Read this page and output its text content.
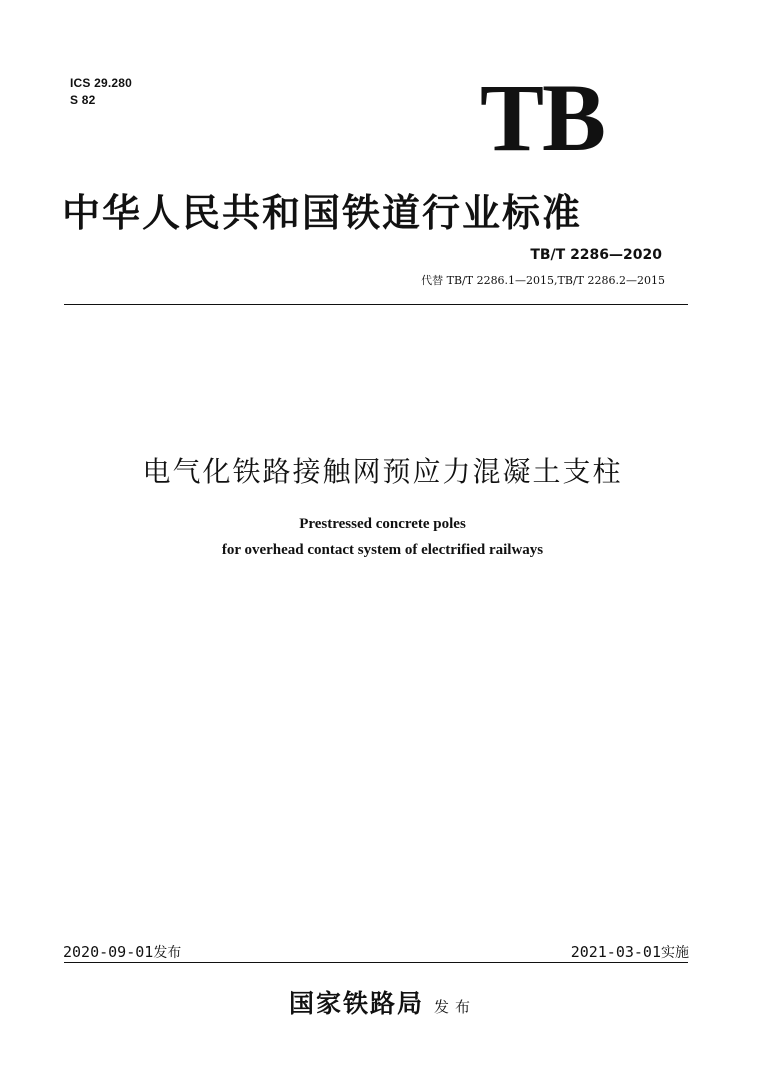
ICS 29.280
S 82	TB
中华人民共和国铁道行业标准
TB/T 2286—2020
代替 TB/T 2286.1—2015,TB/T 2286.2—2015
电气化铁路接触网预应力混凝土支柱
Prestressed concrete poles
for overhead contact system of electrified railways
2020-09-01发布	2021-03-01实施
国家铁路局 发布
